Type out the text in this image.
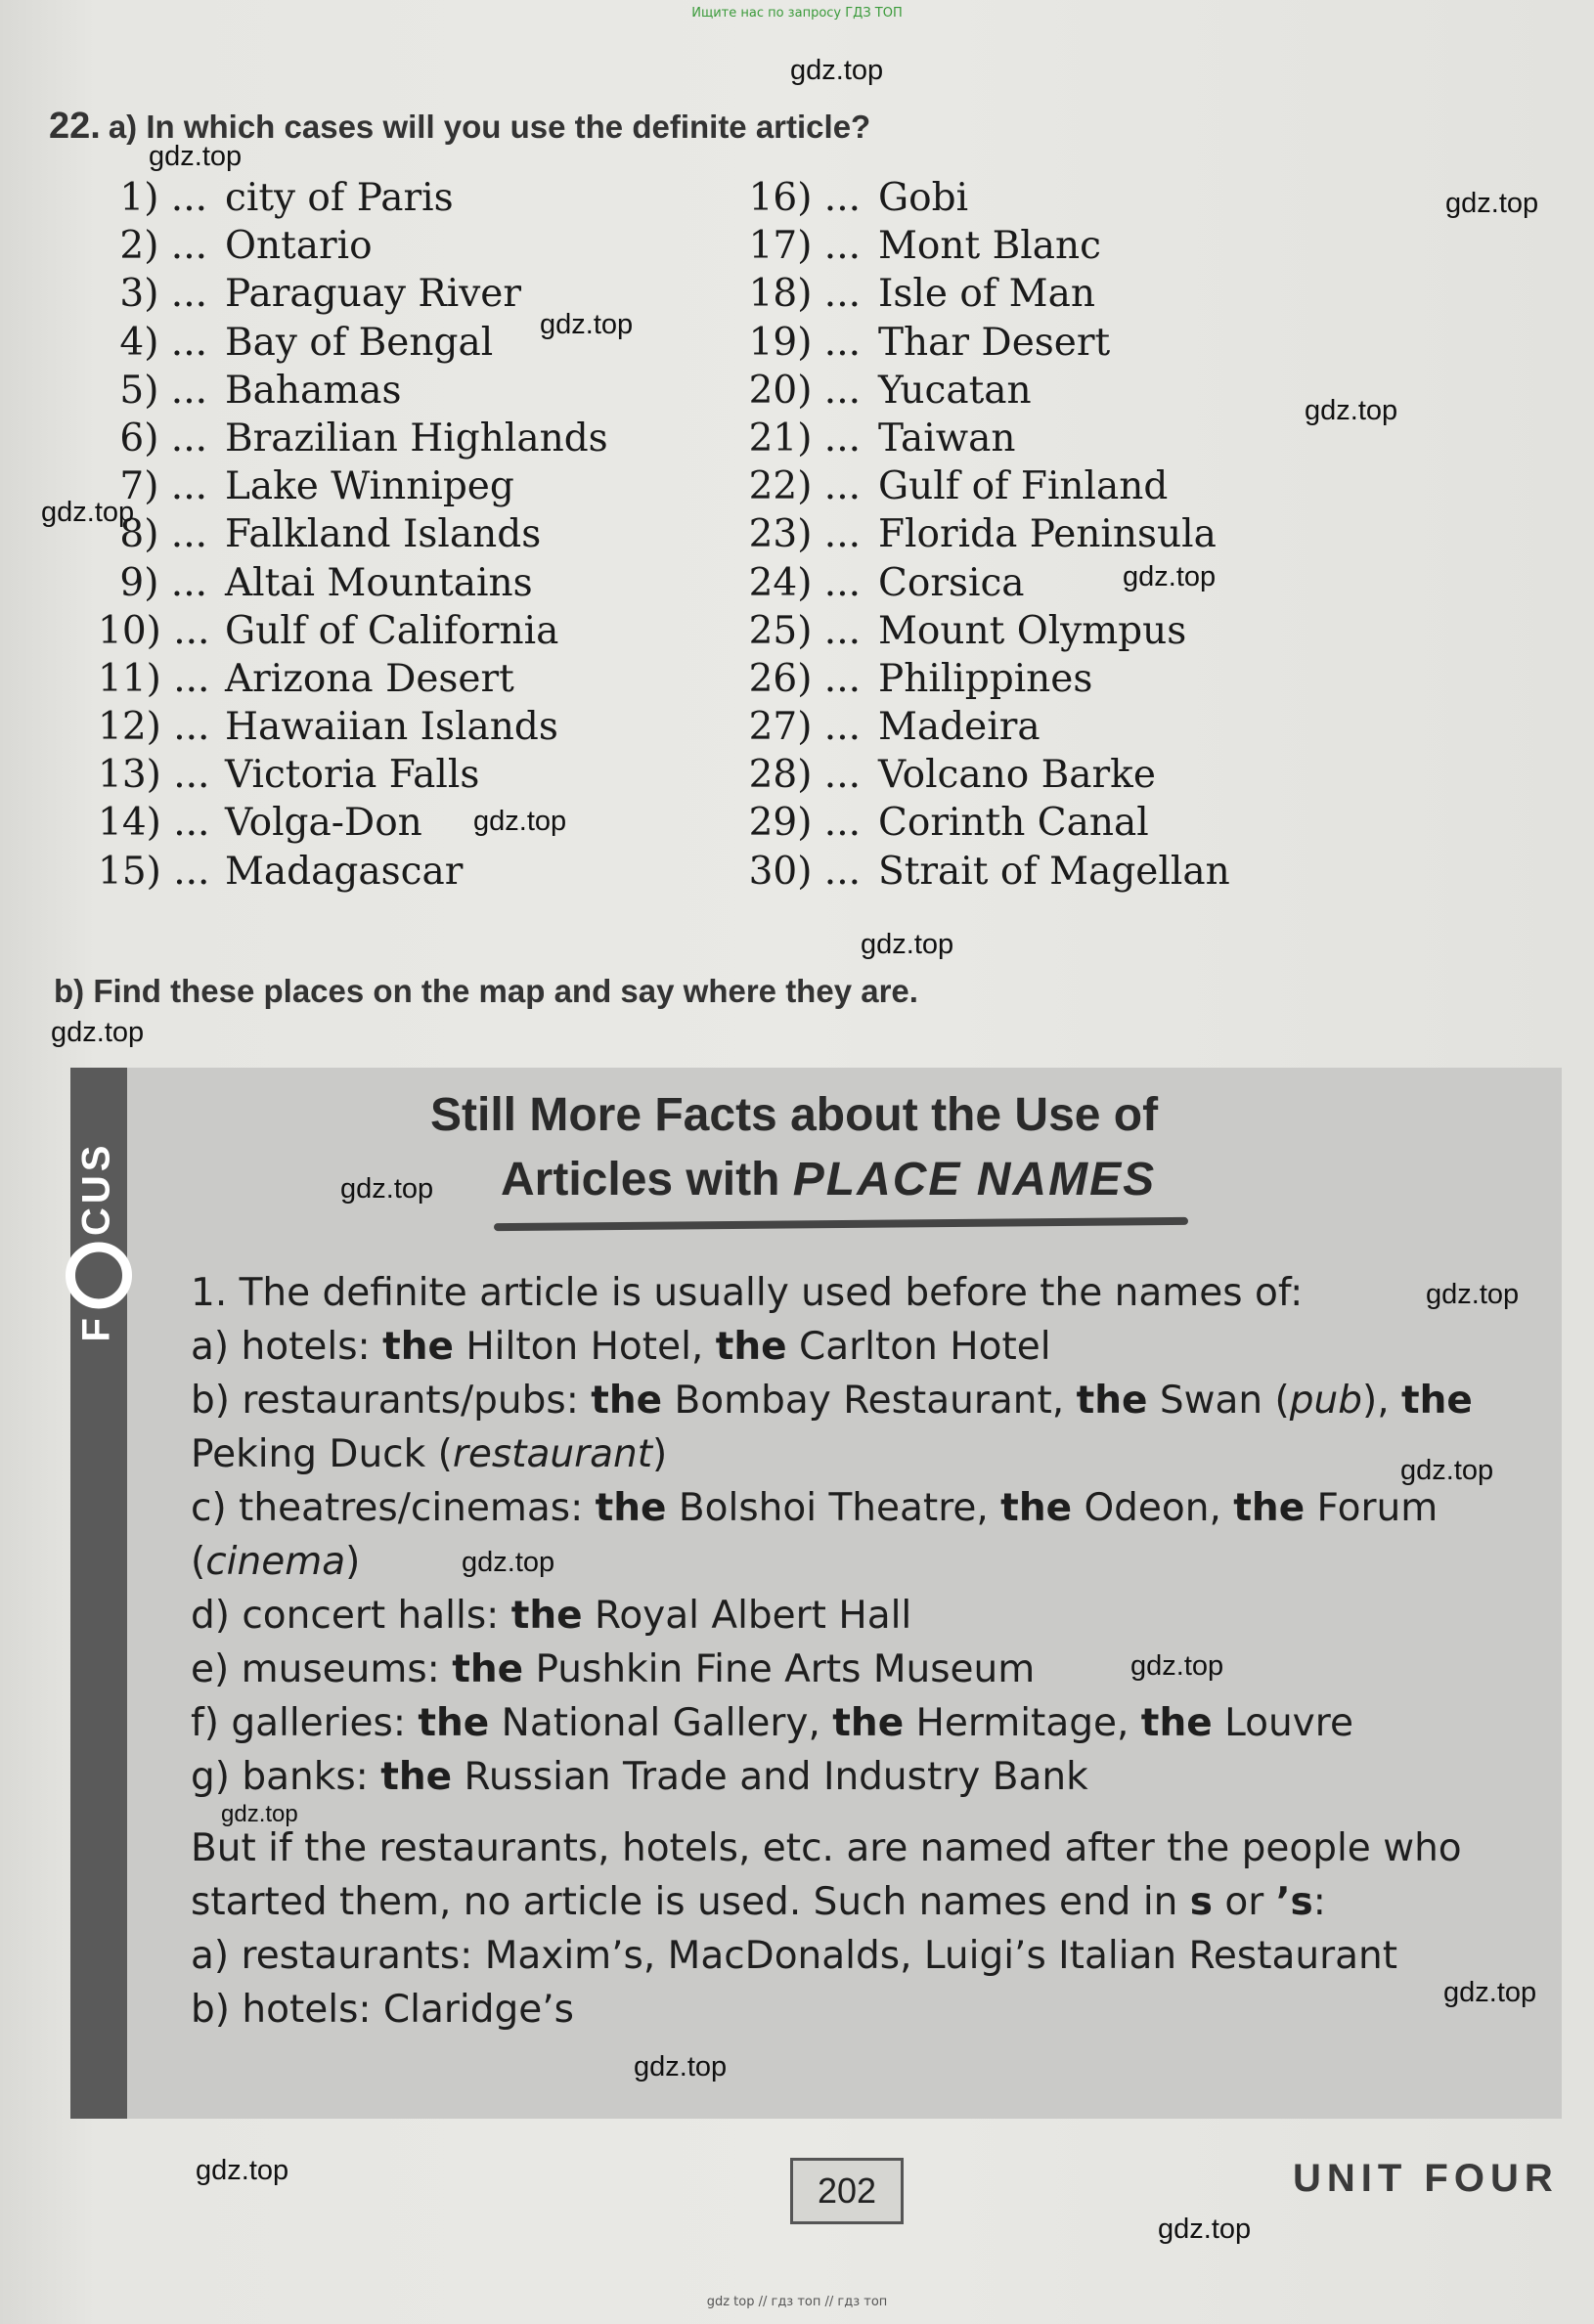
Ищите нас по запросу ГДЗ ТОП
22. a) In which cases will you use the definite article?
1) ... city of Paris
2) ... Ontario
3) ... Paraguay River
4) ... Bay of Bengal
5) ... Bahamas
6) ... Brazilian Highlands
7) ... Lake Winnipeg
8) ... Falkland Islands
9) ... Altai Mountains
10) ... Gulf of California
11) ... Arizona Desert
12) ... Hawaiian Islands
13) ... Victoria Falls
14) ... Volga-Don
15) ... Madagascar
16) ... Gobi
17) ... Mont Blanc
18) ... Isle of Man
19) ... Thar Desert
20) ... Yucatan
21) ... Taiwan
22) ... Gulf of Finland
23) ... Florida Peninsula
24) ... Corsica
25) ... Mount Olympus
26) ... Philippines
27) ... Madeira
28) ... Volcano Barke
29) ... Corinth Canal
30) ... Strait of Magellan
b) Find these places on the map and say where they are.
FCUS
Still More Facts about the Use of
Articles with PLACE NAMES

1. The definite article is usually used before the names of:

a) hotels: the Hilton Hotel, the Carlton Hotel

b) restaurants/pubs: the Bombay Restaurant, the Swan (pub), the Peking Duck (restaurant)

c) theatres/cinemas: the Bolshoi Theatre, the Odeon, the Forum (cinema)

d) concert halls: the Royal Albert Hall

e) museums: the Pushkin Fine Arts Museum

f) galleries: the National Gallery, the Hermitage, the Louvre

g) banks: the Russian Trade and Industry Bank

But if the restaurants, hotels, etc. are named after the people who started them, no article is used. Such names end in s or ’s:

a) restaurants: Maxim’s, MacDonalds, Luigi’s Italian Restaurant

b) hotels: Claridge’s

202	UNIT FOUR
gdz.top
gdz.top
gdz.top
gdz.top
gdz.top
gdz.top
gdz.top
gdz.top
gdz.top
gdz.top
gdz.top
gdz.top
gdz.top
gdz.top
gdz.top
gdz.top
gdz.top
gdz.top
gdz.top
gdz.top
gdz top // гдз топ // гдз топ
